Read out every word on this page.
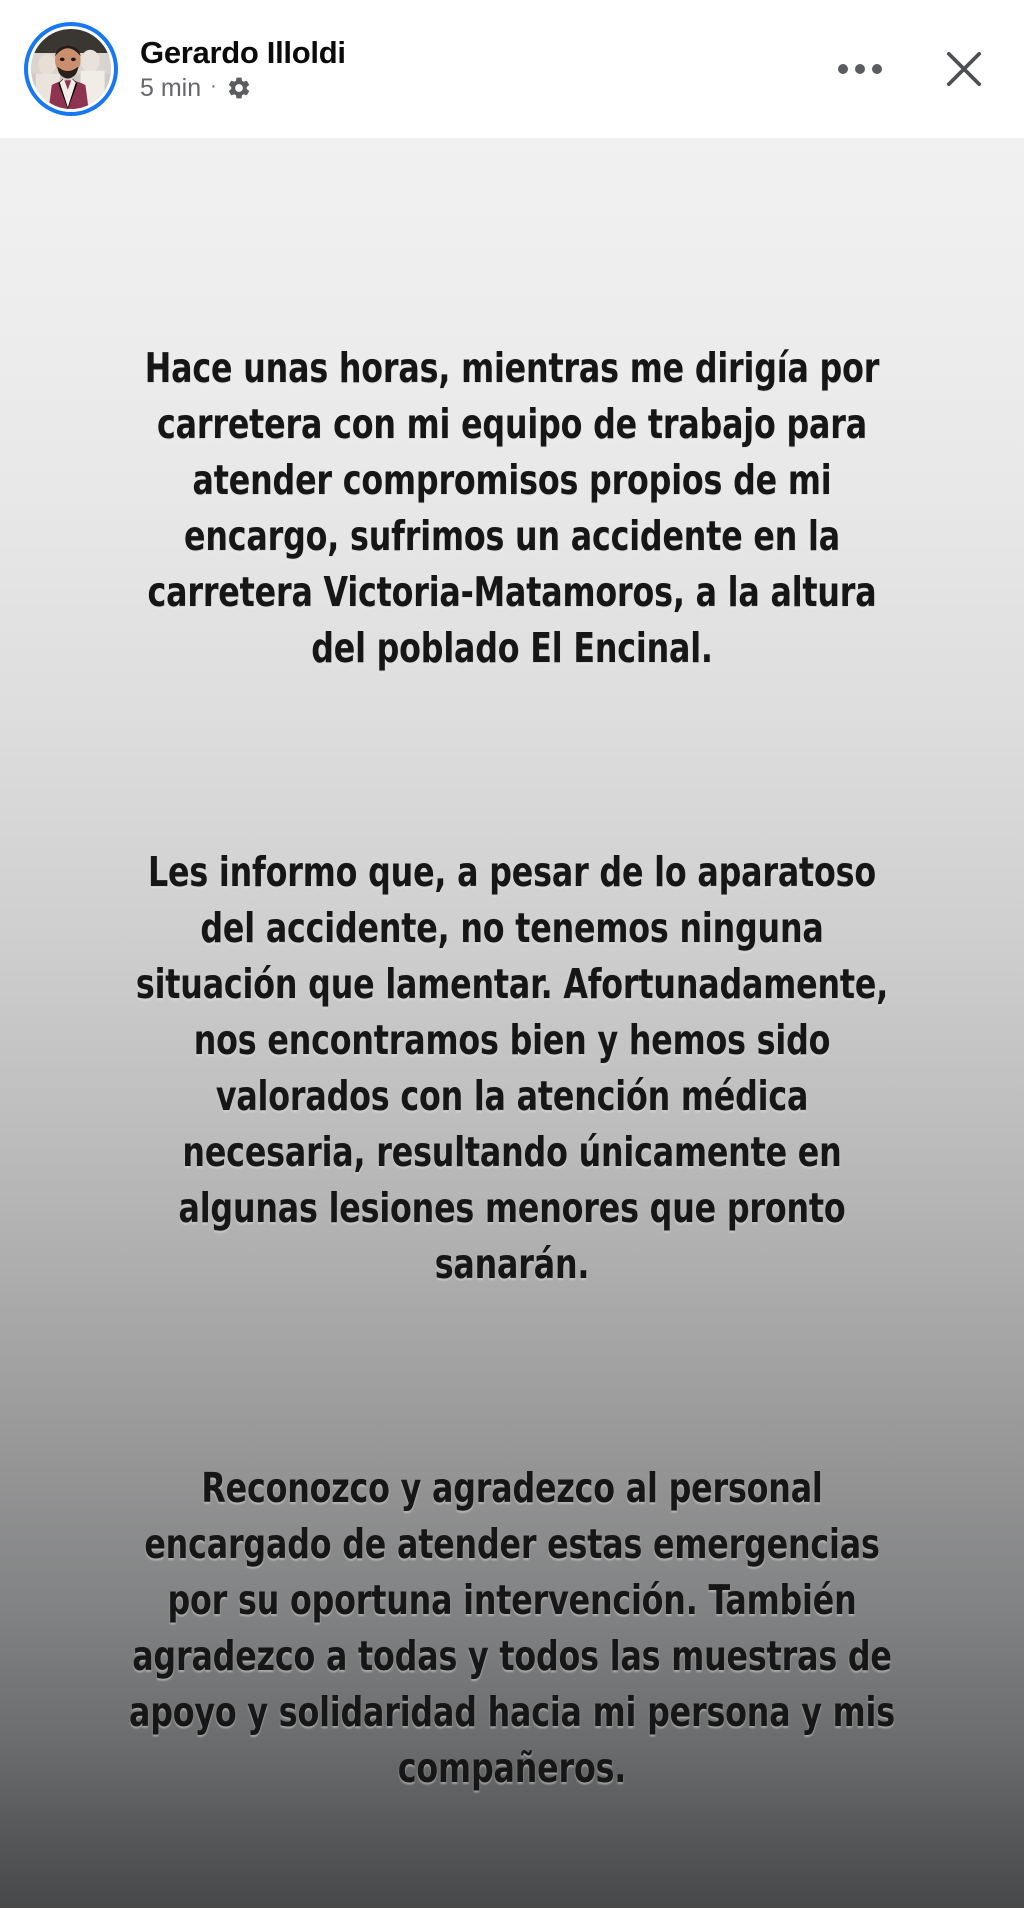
Gerardo Illoldi
5 min ·

Hace unas horas, mientras me dirigía por carretera con mi equipo de trabajo para atender compromisos propios de mi encargo, sufrimos un accidente en la carretera Victoria-Matamoros, a la altura del poblado El Encinal.

Les informo que, a pesar de lo aparatoso del accidente, no tenemos ninguna situación que lamentar. Afortunadamente, nos encontramos bien y hemos sido valorados con la atención médica necesaria, resultando únicamente en algunas lesiones menores que pronto sanarán.

Reconozco y agradezco al personal encargado de atender estas emergencias por su oportuna intervención. También agradezco a todas y todos las muestras de apoyo y solidaridad hacia mi persona y mis compañeros.
